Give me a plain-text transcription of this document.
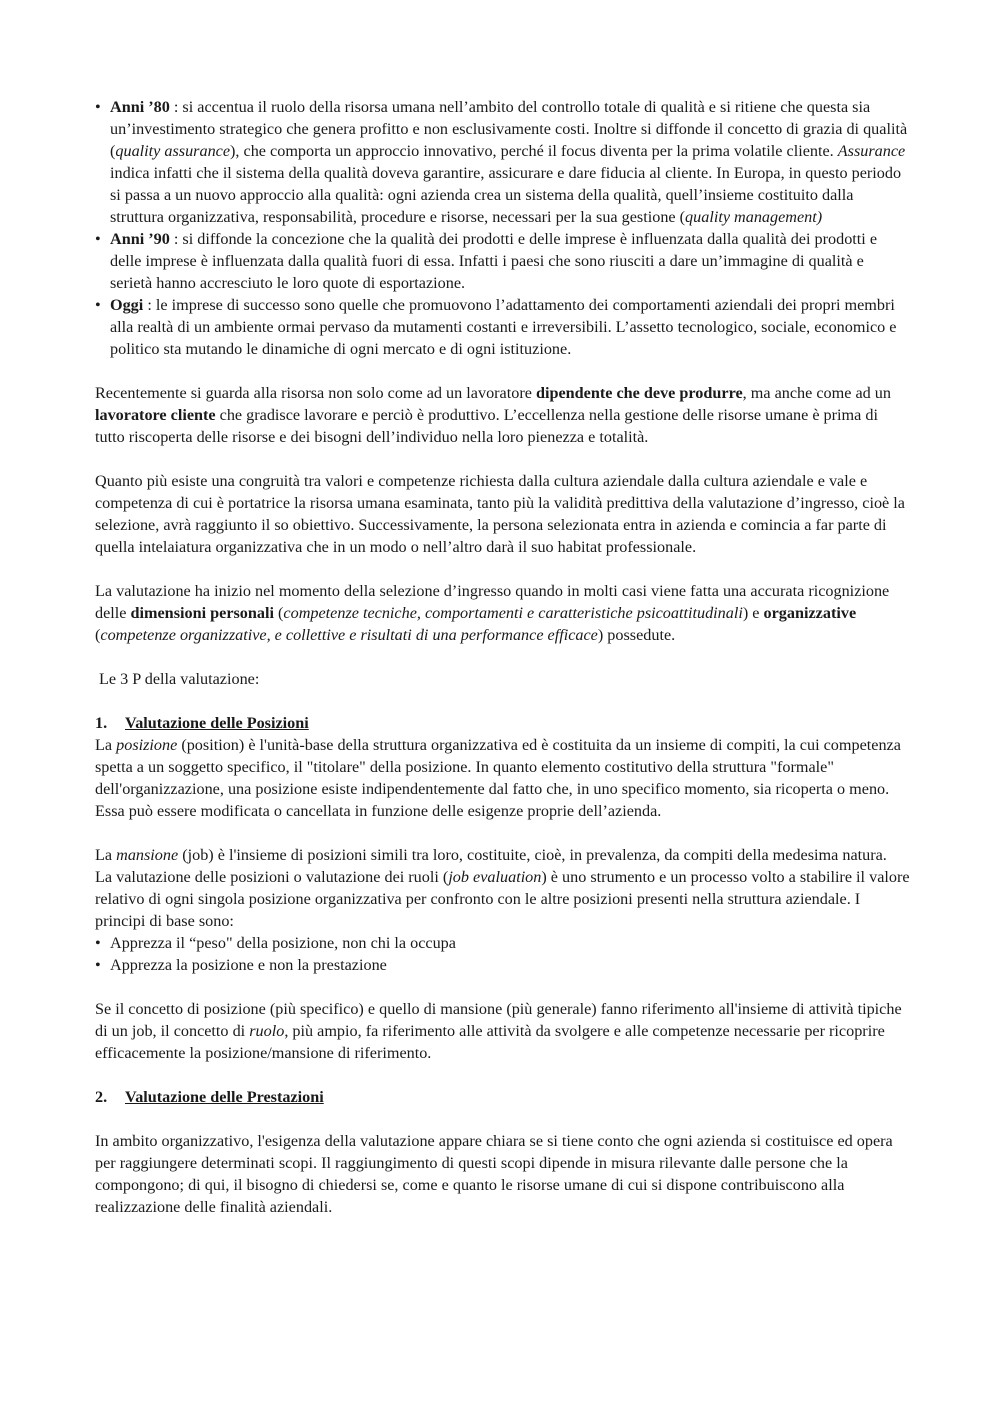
• Anni ’80 : si accentua il ruolo della risorsa umana nell’ambito del controllo totale di qualità e si ritiene che questa sia un’investimento strategico che genera profitto e non esclusivamente costi. Inoltre si diffonde il concetto di grazia di qualità (quality assurance), che comporta un approccio innovativo, perché il focus diventa per la prima volatile cliente. Assurance indica infatti che il sistema della qualità doveva garantire, assicurare e dare fiducia al cliente. In Europa, in questo periodo si passa a un nuovo approccio alla qualità: ogni azienda crea un sistema della qualità, quell’insieme costituito dalla struttura organizzativa, responsabilità, procedure e risorse, necessari per la sua gestione (quality management)
• Anni ’90 : si diffonde la concezione che la qualità dei prodotti e delle imprese è influenzata dalla qualità dei prodotti e delle imprese è influenzata dalla qualità fuori di essa. Infatti i paesi che sono riusciti a dare un’immagine di qualità e serietà hanno accresciuto le loro quote di esportazione.
• Oggi : le imprese di successo sono quelle che promuovono l’adattamento dei comportamenti aziendali dei propri membri alla realtà di un ambiente ormai pervaso da mutamenti costanti e irreversibili. L’assetto tecnologico, sociale, economico e politico sta mutando le dinamiche di ogni mercato e di ogni istituzione.

Recentemente si guarda alla risorsa non solo come ad un lavoratore dipendente che deve produrre, ma anche come ad un lavoratore cliente che gradisce lavorare e perciò è produttivo. L’eccellenza nella gestione delle risorse umane è prima di tutto riscoperta delle risorse e dei bisogni dell’individuo nella loro pienezza e totalità.

Quanto più esiste una congruità tra valori e competenze richiesta dalla cultura aziendale dalla cultura aziendale e vale e competenza di cui è portatrice la risorsa umana esaminata, tanto più la validità predittiva della valutazione d’ingresso, cioè la selezione, avrà raggiunto il so obiettivo. Successivamente, la persona selezionata entra in azienda e comincia a far parte di quella intelaiatura organizzativa che in un modo o nell’altro darà il suo habitat professionale.

La valutazione ha inizio nel momento della selezione d’ingresso quando in molti casi viene fatta una accurata ricognizione delle dimensioni personali (competenze tecniche, comportamenti e caratteristiche psicoattitudinali) e organizzative (competenze organizzative, e collettive e risultati di una performance efficace) possedute.

Le 3 P della valutazione:

1. Valutazione delle Posizioni

La posizione (position) è l'unità-base della struttura organizzativa ed è costituita da un insieme di compiti, la cui competenza spetta a un soggetto specifico, il "titolare" della posizione. In quanto elemento costitutivo della struttura "formale" dell'organizzazione, una posizione esiste indipendentemente dal fatto che, in uno specifico momento, sia ricoperta o meno. Essa può essere modificata o cancellata in funzione delle esigenze proprie dell’azienda.

La mansione (job) è l'insieme di posizioni simili tra loro, costituite, cioè, in prevalenza, da compiti della medesima natura.

La valutazione delle posizioni o valutazione dei ruoli (job evaluation) è uno strumento e un processo volto a stabilire il valore relativo di ogni singola posizione organizzativa per confronto con le altre posizioni presenti nella struttura aziendale. I principi di base sono:

• Apprezza il “peso" della posizione, non chi la occupa
• Apprezza la posizione e non la prestazione

Se il concetto di posizione (più specifico) e quello di mansione (più generale) fanno riferimento all'insieme di attività tipiche di un job, il concetto di ruolo, più ampio, fa riferimento alle attività da svolgere e alle competenze necessarie per ricoprire efficacemente la posizione/mansione di riferimento.

2. Valutazione delle Prestazioni

In ambito organizzativo, l'esigenza della valutazione appare chiara se si tiene conto che ogni azienda si costituisce ed opera per raggiungere determinati scopi. Il raggiungimento di questi scopi dipende in misura rilevante dalle persone che la compongono; di qui, il bisogno di chiedersi se, come e quanto le risorse umane di cui si dispone contribuiscono alla realizzazione delle finalità aziendali.
